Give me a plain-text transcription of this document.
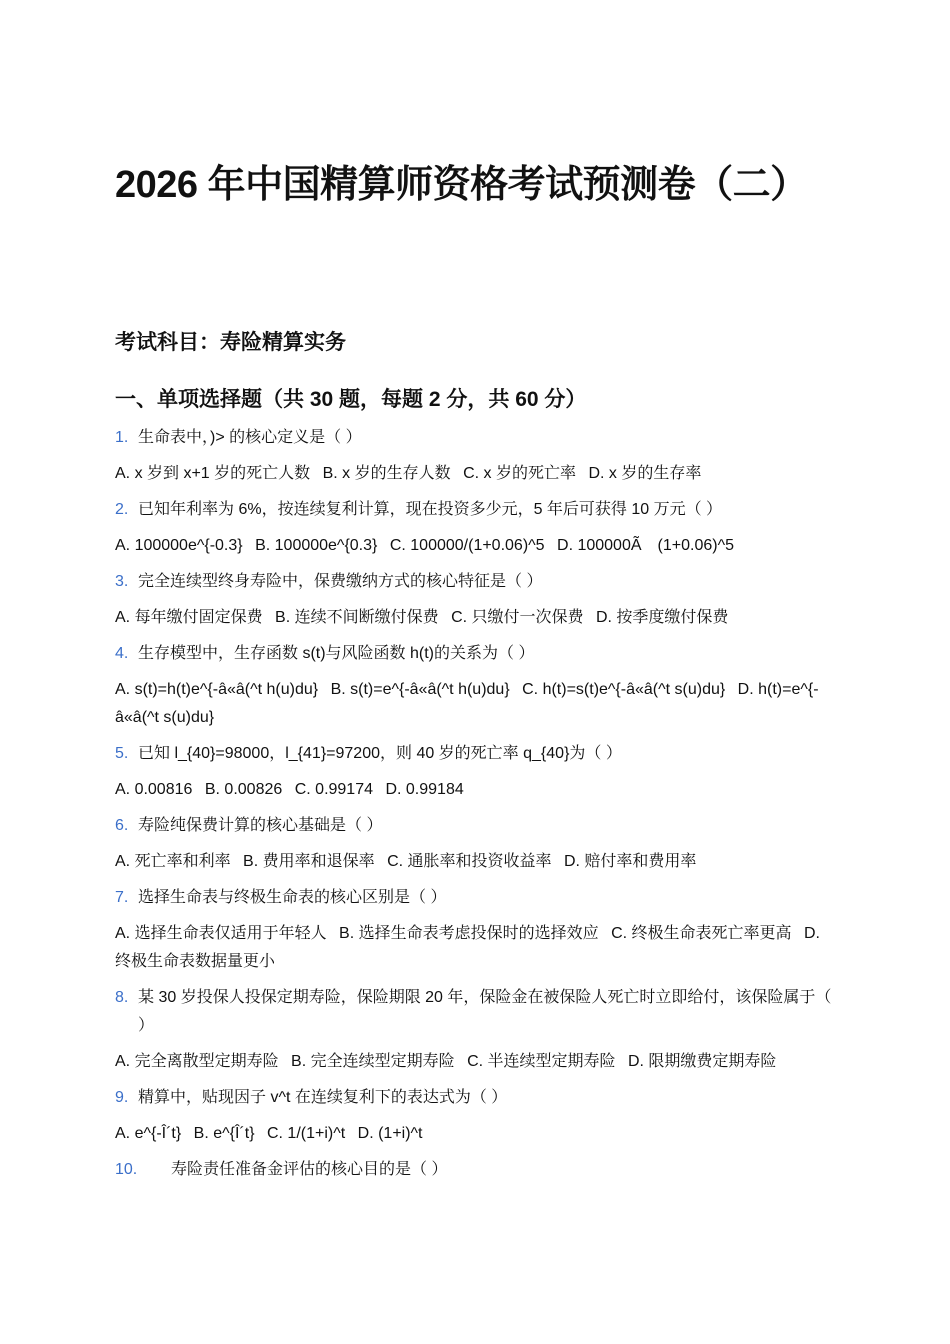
2026 年中国精算师资格考试预测卷（二）
考试科目：寿险精算实务
一、单项选择题（共 30 题，每题 2 分，共 60 分）
1. 生命表中，)> 的核心定义是（ ）
A. x 岁到 x+1 岁的死亡人数 B. x 岁的生存人数 C. x 岁的死亡率 D. x 岁的生存率
2. 已知年利率为 6%，按连续复利计算，现在投资多少元，5 年后可获得 10 万元（ ）
A. 100000e^{-0.3} B. 100000e^{0.3} C. 100000/(1+0.06)^5 D. 100000Ã　(1+0.06)^5
3. 完全连续型终身寿险中，保费缴纳方式的核心特征是（ ）
A. 每年缴付固定保费 B. 连续不间断缴付保费 C. 只缴付一次保费 D. 按季度缴付保费
4. 生存模型中，生存函数 s(t)与风险函数 h(t)的关系为（ ）
A. s(t)=h(t)e^{-â«â(^t h(u)du} B. s(t)=e^{-â«â(^t h(u)du} C. h(t)=s(t)e^{-â«â(^t s(u)du} D. h(t)=e^{-â«â(^t s(u)du}
5. 已知 l_{40}=98000，l_{41}=97200，则 40 岁的死亡率 q_{40}为（ ）
A. 0.00816 B. 0.00826 C. 0.99174 D. 0.99184
6. 寿险纯保费计算的核心基础是（ ）
A. 死亡率和利率 B. 费用率和退保率 C. 通胀率和投资收益率 D. 赔付率和费用率
7. 选择生命表与终极生命表的核心区别是（ ）
A. 选择生命表仅适用于年轻人 B. 选择生命表考虑投保时的选择效应 C. 终极生命表死亡率更高 D. 终极生命表数据量更小
8. 某 30 岁投保人投保定期寿险，保险期限 20 年，保险金在被保险人死亡时立即给付，该保险属于（ ）
A. 完全离散型定期寿险 B. 完全连续型定期寿险 C. 半连续型定期寿险 D. 限期缴费定期寿险
9. 精算中，贴现因子 v^t 在连续复利下的表达式为（ ）
A. e^{-Î´t} B. e^{Î´t} C. 1/(1+i)^t D. (1+i)^t
10.	寿险责任准备金评估的核心目的是（ ）
